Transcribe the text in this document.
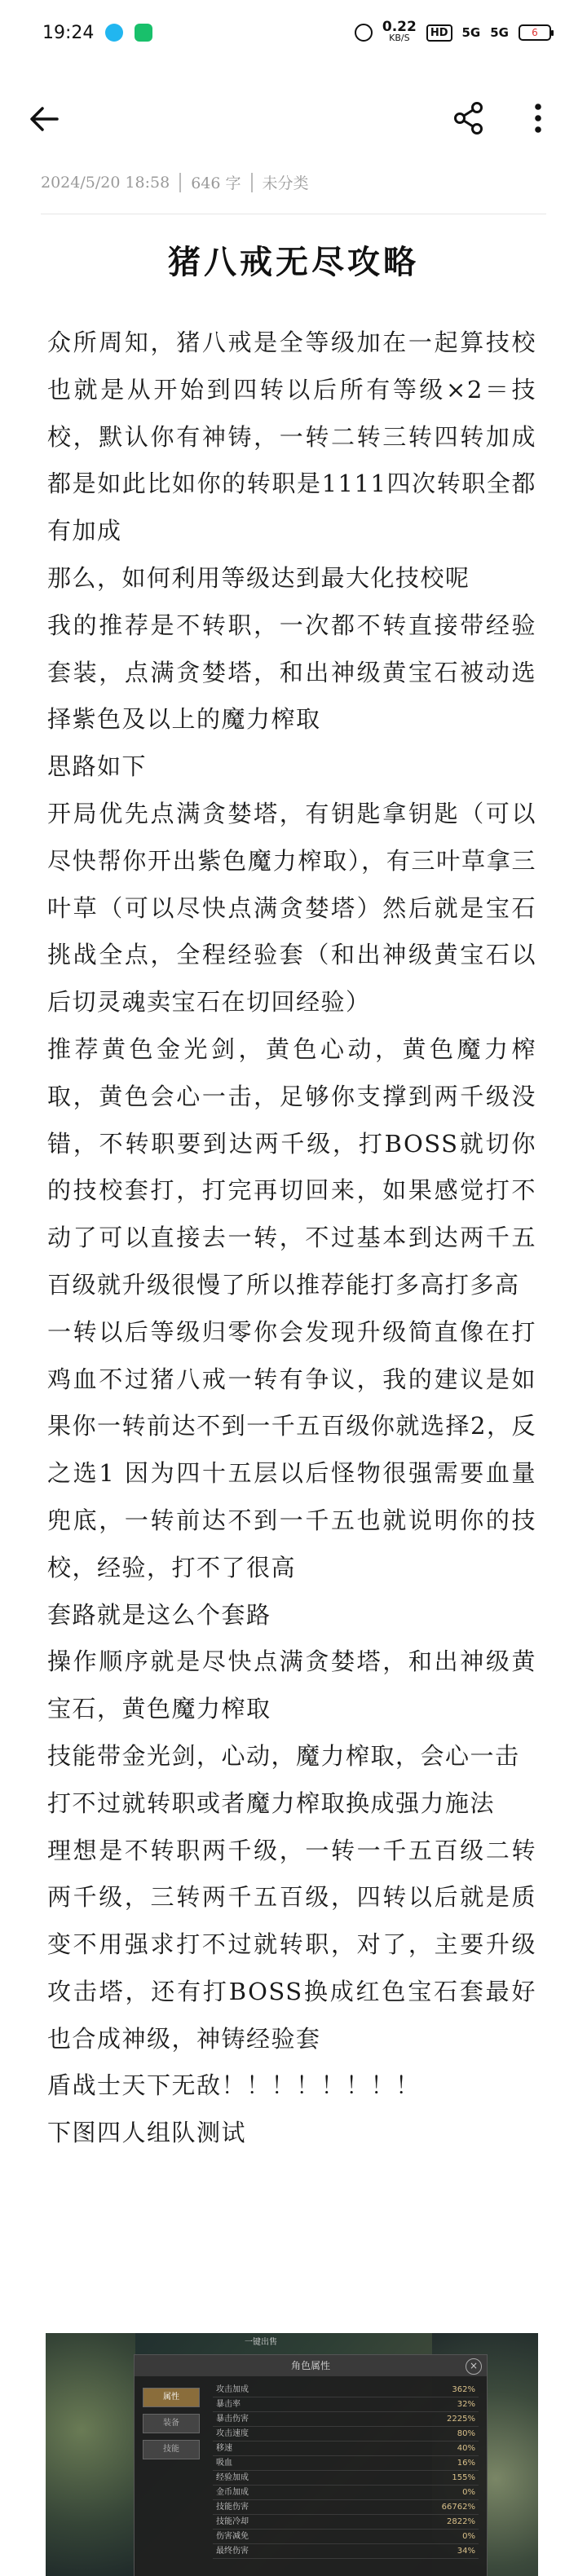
19:24	0.22
KB/S	HD	5G 5G	6
2024/5/20 18:58 646 字 未分类
猪八戒无尽攻略

众所周知，猪八戒是全等级加在一起算技校 也就是从开始到四转以后所有等级×2＝技校，默认你有神铸，一转二转三转四转加成都是如此比如你的转职是1111四次转职全都有加成

那么，如何利用等级达到最大化技校呢

我的推荐是不转职，一次都不转直接带经验套装，点满贪婪塔，和出神级黄宝石被动选择紫色及以上的魔力榨取

思路如下

开局优先点满贪婪塔，有钥匙拿钥匙（可以尽快帮你开出紫色魔力榨取），有三叶草拿三叶草（可以尽快点满贪婪塔）然后就是宝石挑战全点，全程经验套（和出神级黄宝石以后切灵魂卖宝石在切回经验）

推荐黄色金光剑，黄色心动，黄色魔力榨取，黄色会心一击，足够你支撑到两千级没错，不转职要到达两千级，打BOSS就切你的技校套打，打完再切回来，如果感觉打不动了可以直接去一转，不过基本到达两千五百级就升级很慢了所以推荐能打多高打多高

一转以后等级归零你会发现升级简直像在打鸡血不过猪八戒一转有争议，我的建议是如果你一转前达不到一千五百级你就选择2，反之选1 因为四十五层以后怪物很强需要血量兜底，一转前达不到一千五也就说明你的技校，经验，打不了很高

套路就是这么个套路

操作顺序就是尽快点满贪婪塔，和出神级黄宝石，黄色魔力榨取

技能带金光剑，心动，魔力榨取，会心一击

打不过就转职或者魔力榨取换成强力施法

理想是不转职两千级，一转一千五百级二转两千级，三转两千五百级，四转以后就是质变不用强求打不过就转职，对了，主要升级攻击塔，还有打BOSS换成红色宝石套最好也合成神级，神铸经验套

盾战士天下无敌！！！！！！！！

下图四人组队测试

一键出售
角色属性	×
属性
装备
技能
攻击加成	362%
暴击率	32%
暴击伤害	2225%
攻击速度	80%
移速	40%
吸血	16%
经验加成	155%
金币加成	0%
技能伤害	66762%
技能冷却	2822%
伤害减免	0%
最终伤害	34%
